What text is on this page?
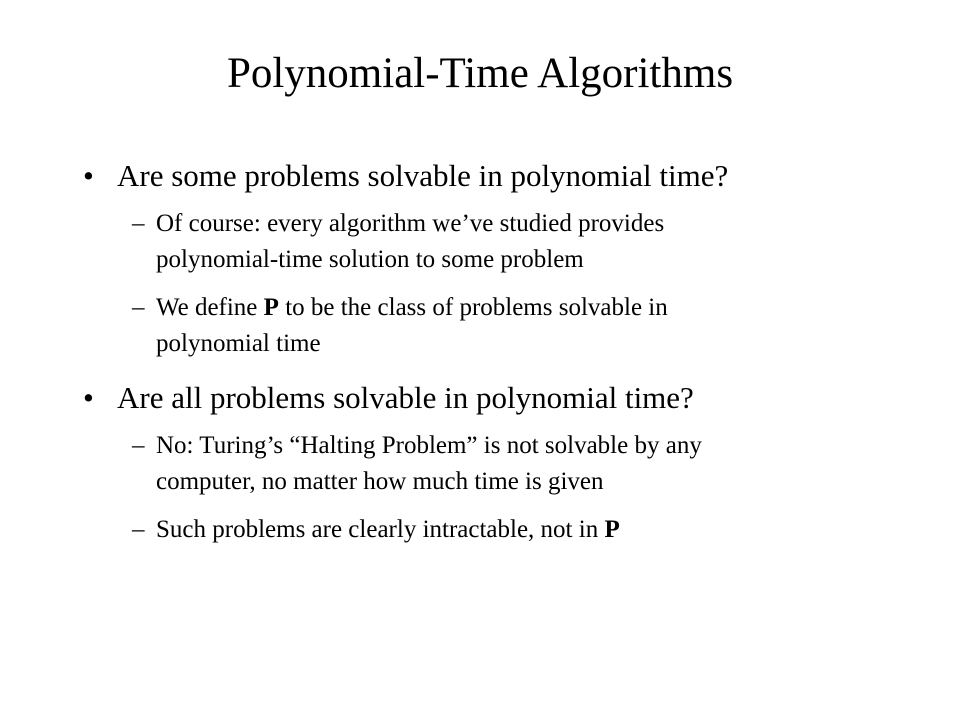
Polynomial-Time Algorithms
• Are some problems solvable in polynomial time?
– Of course: every algorithm we’ve studied provides
polynomial-time solution to some problem
– We define P to be the class of problems solvable in
polynomial time
• Are all problems solvable in polynomial time?
– No: Turing’s “Halting Problem” is not solvable by any
computer, no matter how much time is given
– Such problems are clearly intractable, not in P
